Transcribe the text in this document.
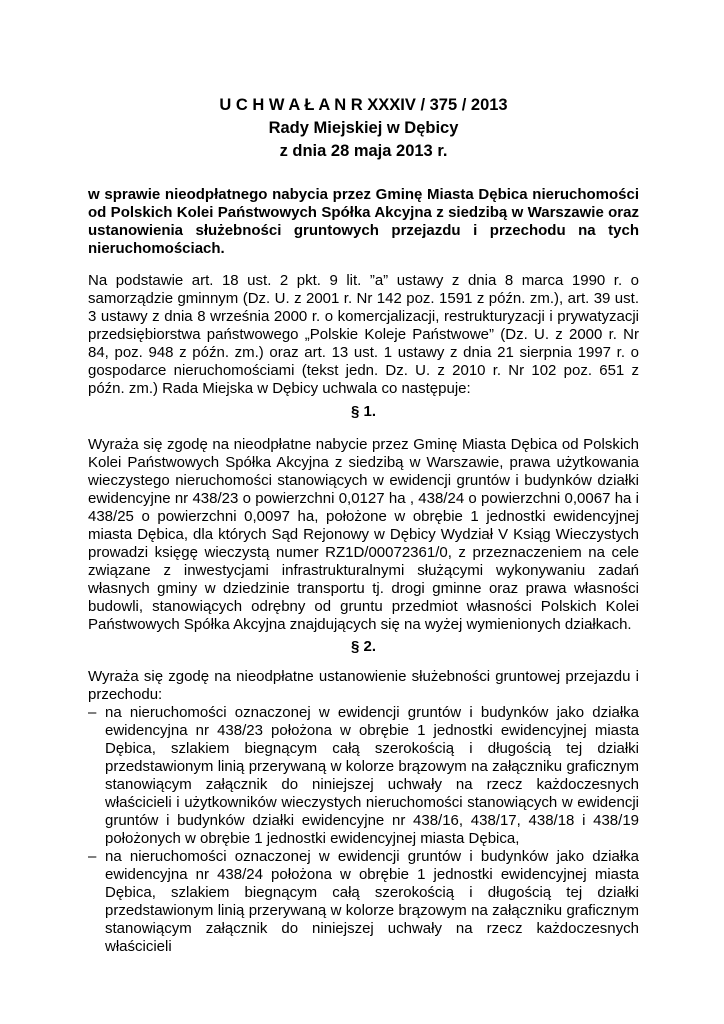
U C H W A Ł A N R XXXIV / 375 / 2013
Rady Miejskiej w Dębicy
z dnia 28 maja 2013 r.

w sprawie nieodpłatnego nabycia przez Gminę Miasta Dębica nieruchomości od Polskich Kolei Państwowych Spółka Akcyjna z siedzibą w Warszawie oraz ustanowienia służebności gruntowych przejazdu i przechodu na tych nieruchomościach.

Na podstawie art. 18 ust. 2 pkt. 9 lit. ”a” ustawy z dnia 8 marca 1990 r. o samorządzie gminnym (Dz. U. z 2001 r. Nr 142 poz. 1591 z późn. zm.), art. 39 ust. 3 ustawy z dnia 8 września 2000 r. o komercjalizacji, restrukturyzacji i prywatyzacji przedsiębiorstwa państwowego „Polskie Koleje Państwowe” (Dz. U. z 2000 r. Nr 84, poz. 948 z późn. zm.) oraz art. 13 ust. 1 ustawy z dnia 21 sierpnia 1997 r. o gospodarce nieruchomościami (tekst jedn. Dz. U. z 2010 r. Nr 102 poz. 651 z późn. zm.) Rada Miejska w Dębicy uchwala co następuje:

§ 1.

Wyraża się zgodę na nieodpłatne nabycie przez Gminę Miasta Dębica od Polskich Kolei Państwowych Spółka Akcyjna z siedzibą w Warszawie, prawa użytkowania wieczystego nieruchomości stanowiących w ewidencji gruntów i budynków działki ewidencyjne nr 438/23 o powierzchni 0,0127 ha , 438/24 o powierzchni 0,0067 ha i 438/25 o powierzchni 0,0097 ha, położone w obrębie 1 jednostki ewidencyjnej miasta Dębica, dla których Sąd Rejonowy w Dębicy Wydział V Ksiąg Wieczystych prowadzi księgę wieczystą numer RZ1D/00072361/0, z przeznaczeniem na cele związane z inwestycjami infrastrukturalnymi służącymi wykonywaniu zadań własnych gminy w dziedzinie transportu tj. drogi gminne oraz prawa własności budowli, stanowiących odrębny od gruntu przedmiot własności Polskich Kolei Państwowych Spółka Akcyjna znajdujących się na wyżej wymienionych działkach.

§ 2.

Wyraża się zgodę na nieodpłatne ustanowienie służebności gruntowej przejazdu i przechodu:

– na nieruchomości oznaczonej w ewidencji gruntów i budynków jako działka ewidencyjna nr 438/23 położona w obrębie 1 jednostki ewidencyjnej miasta Dębica, szlakiem biegnącym całą szerokością i długością tej działki przedstawionym linią przerywaną w kolorze brązowym na załączniku graficznym stanowiącym załącznik do niniejszej uchwały na rzecz każdoczesnych właścicieli i użytkowników wieczystych nieruchomości stanowiących w ewidencji gruntów i budynków działki ewidencyjne nr 438/16, 438/17, 438/18 i 438/19 położonych w obrębie 1 jednostki ewidencyjnej miasta Dębica,
– na nieruchomości oznaczonej w ewidencji gruntów i budynków jako działka ewidencyjna nr 438/24 położona w obrębie 1 jednostki ewidencyjnej miasta Dębica, szlakiem biegnącym całą szerokością i długością tej działki przedstawionym linią przerywaną w kolorze brązowym na załączniku graficznym stanowiącym załącznik do niniejszej uchwały na rzecz każdoczesnych właścicieli
